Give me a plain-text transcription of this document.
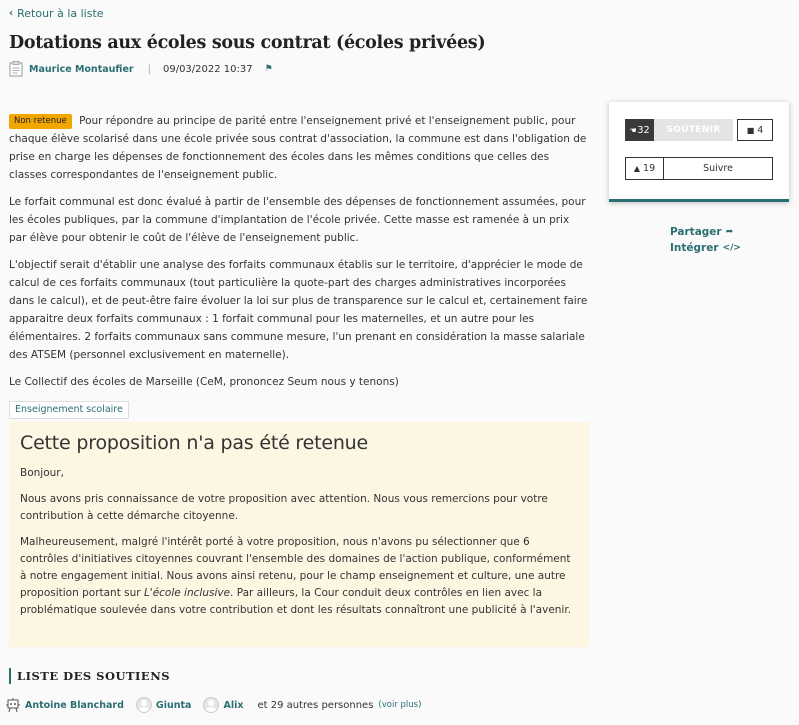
‹ Retour à la liste
Dotations aux écoles sous contrat (écoles privées)
Maurice Montaufier | 09/03/2022 10:37 ⚑

Non retenue Pour répondre au principe de parité entre l'enseignement privé et l'enseignement public, pour chaque élève scolarisé dans une école privée sous contrat d'association, la commune est dans l'obligation de prise en charge les dépenses de fonctionnement des écoles dans les mêmes conditions que celles des classes correspondantes de l'enseignement public.

Le forfait communal est donc évalué à partir de l'ensemble des dépenses de fonctionnement assumées, pour les écoles publiques, par la commune d'implantation de l'école privée. Cette masse est ramenée à un prix par élève pour obtenir le coût de l'élève de l'enseignement public.

L'objectif serait d'établir une analyse des forfaits communaux établis sur le territoire, d'apprécier le mode de calcul de ces forfaits communaux (tout particulière la quote-part des charges administratives incorporées dans le calcul), et de peut-être faire évoluer la loi sur plus de transparence sur le calcul et, certainement faire apparaitre deux forfaits communaux : 1 forfait communal pour les maternelles, et un autre pour les élémentaires. 2 forfaits communaux sans commune mesure, l'un prenant en considération la masse salariale des ATSEM (personnel exclusivement en maternelle).

Le Collectif des écoles de Marseille (CeM, prononcez Seum nous y tenons)

Enseignement scolaire
Cette proposition n'a pas été retenue

Bonjour,

Nous avons pris connaissance de votre proposition avec attention. Nous vous remercions pour votre contribution à cette démarche citoyenne.

Malheureusement, malgré l'intérêt porté à votre proposition, nous n'avons pu sélectionner que 6 contrôles d'initiatives citoyennes couvrant l'ensemble des domaines de l'action publique, conformément à notre engagement initial. Nous avons ainsi retenu, pour le champ enseignement et culture, une autre proposition portant sur L'école inclusive. Par ailleurs, la Cour conduit deux contrôles en lien avec la problématique soulevée dans votre contribution et dont les résultats connaîtront une publicité à l'avenir.

LISTE DES SOUTIENS
Antoine Blanchard	Giunta	Alix et 29 autres personnes (voir plus)
☚ 32	SOUTENIR	■ 4
▲ 19	Suivre
Partager ➦
Intégrer </>
